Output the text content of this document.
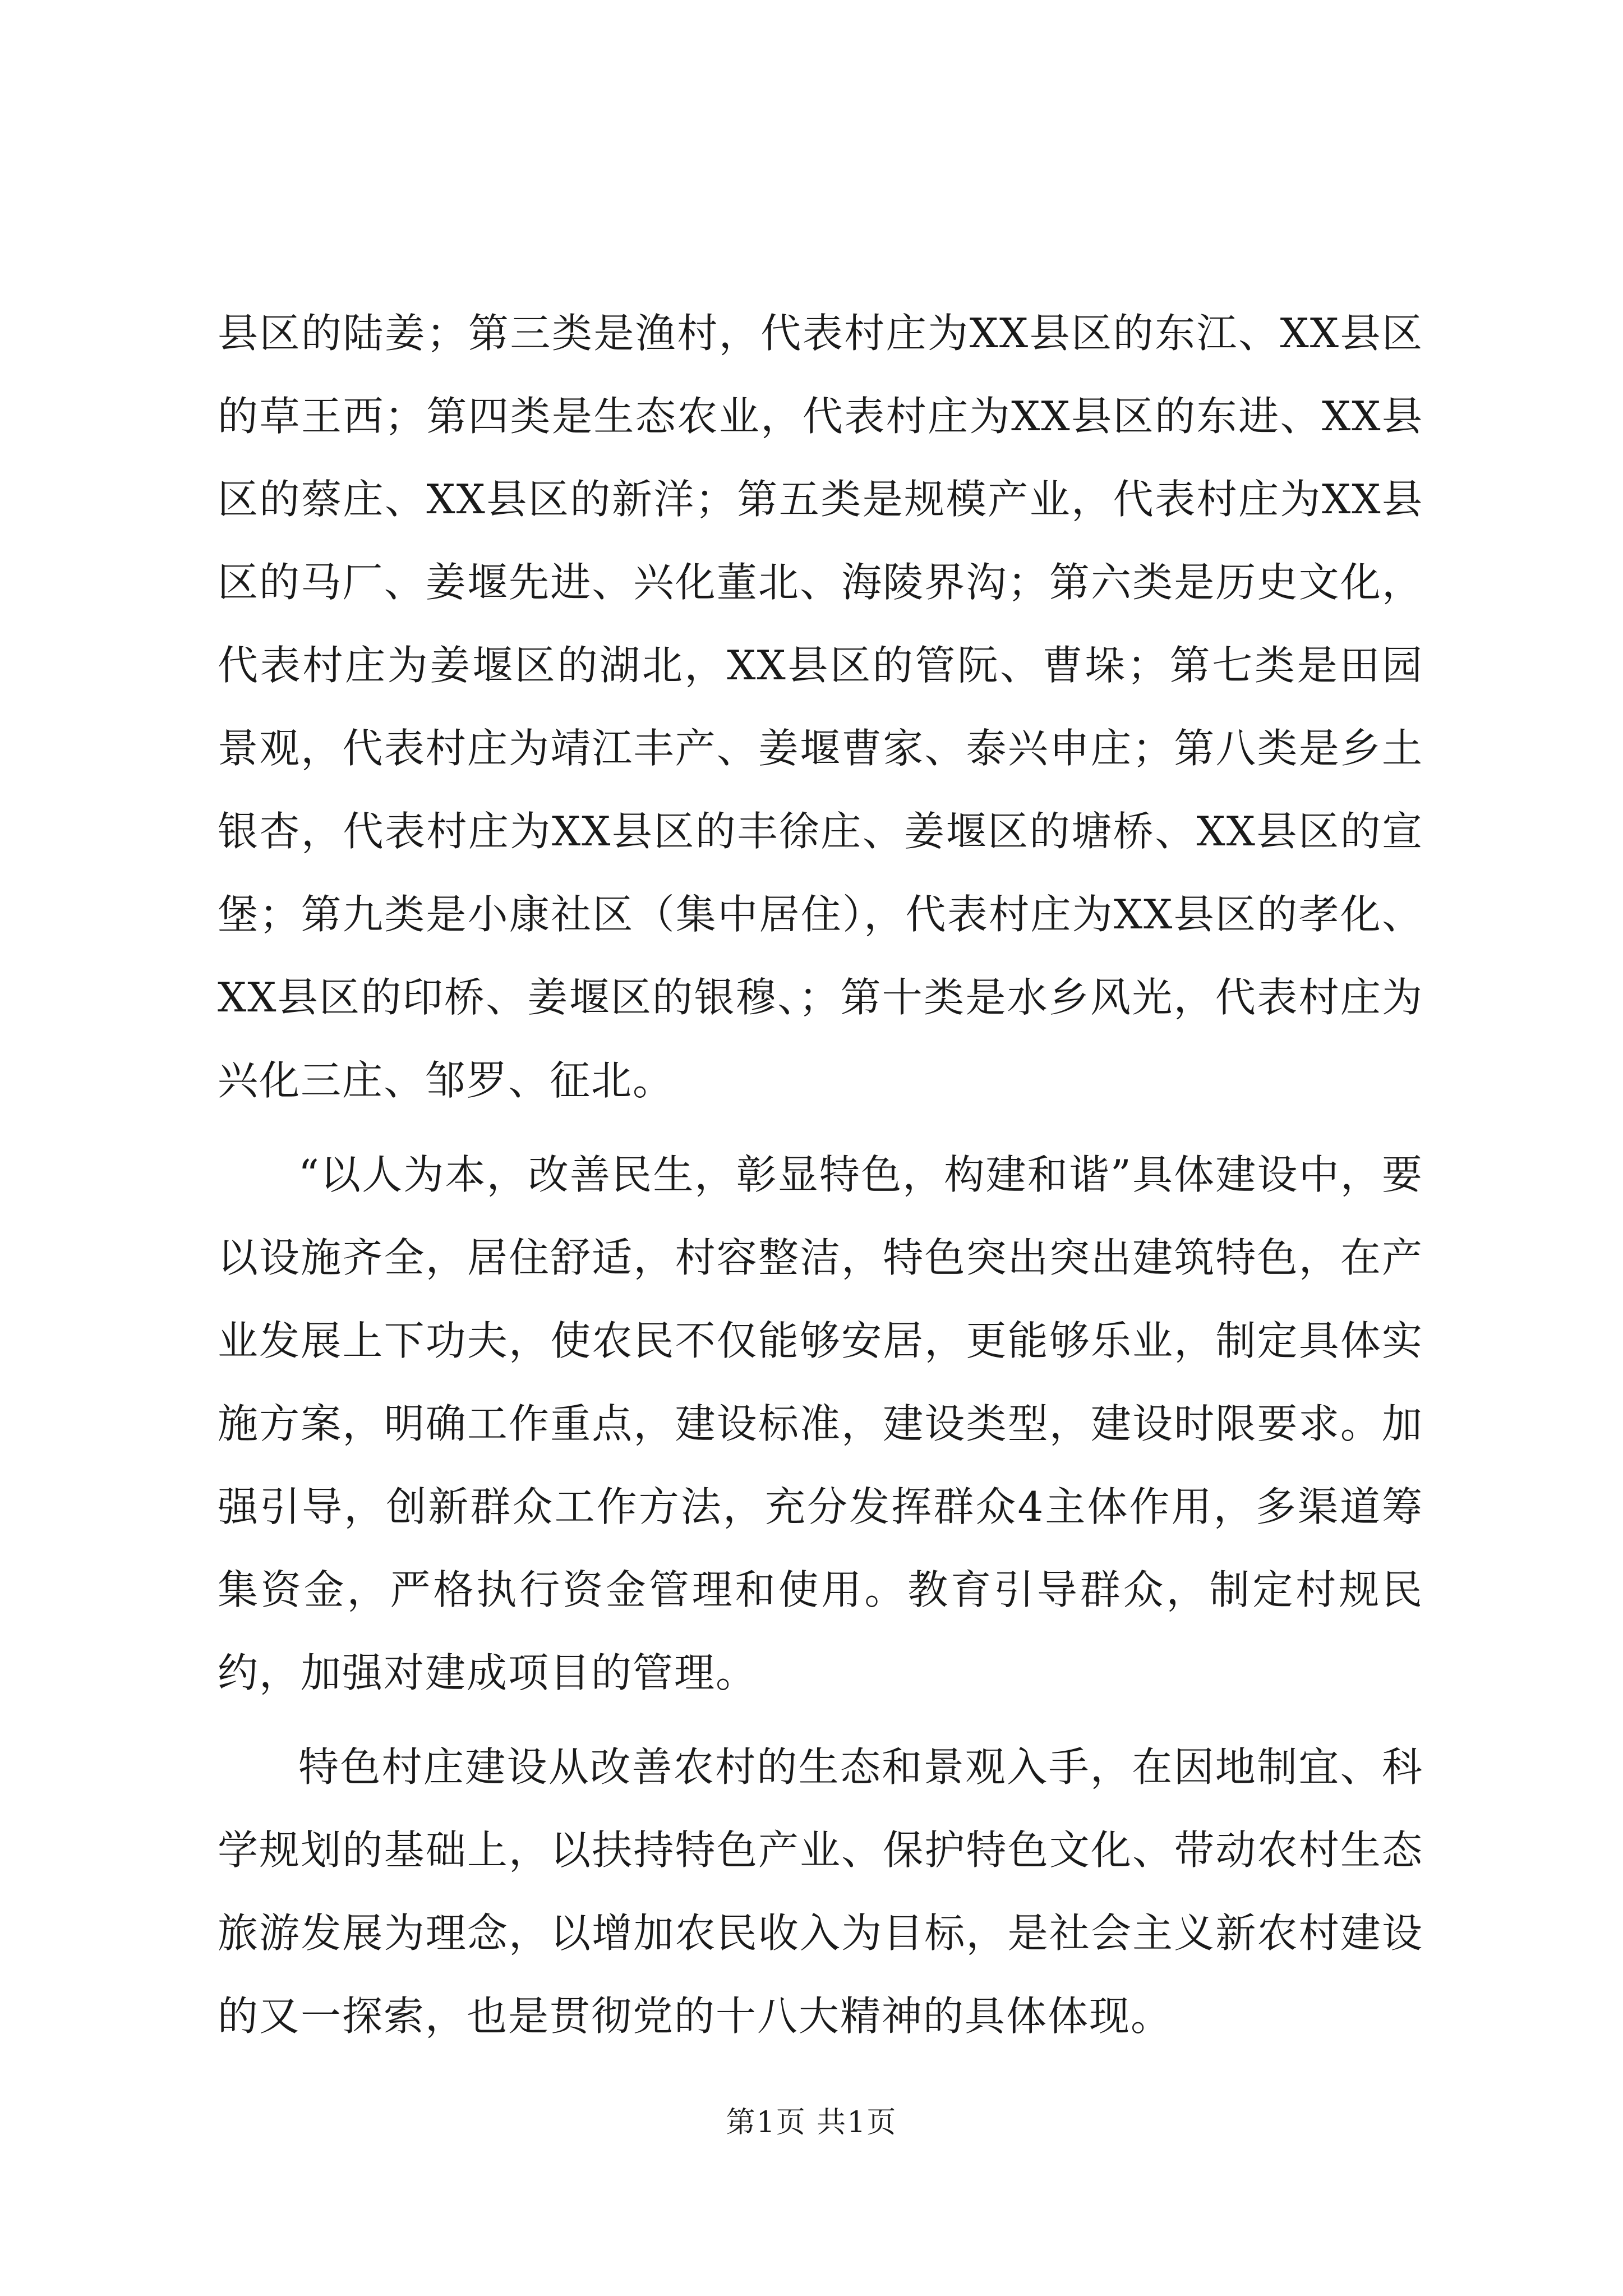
县区的陆姜；第三类是渔村，代表村庄为XX县区的东江、XX县区的草王西；第四类是生态农业，代表村庄为XX县区的东进、XX县区的蔡庄、XX县区的新洋；第五类是规模产业，代表村庄为XX县区的马厂、姜堰先进、兴化董北、海陵界沟；第六类是历史文化，代表村庄为姜堰区的湖北，XX县区的管阮、曹垛；第七类是田园景观，代表村庄为靖江丰产、姜堰曹家、泰兴申庄；第八类是乡土银杏，代表村庄为XX县区的丰徐庄、姜堰区的塘桥、XX县区的宣堡；第九类是小康社区（集中居住），代表村庄为XX县区的孝化、XX县区的印桥、姜堰区的银穆、；第十类是水乡风光，代表村庄为兴化三庄、邹罗、征北。

“以人为本，改善民生，彰显特色，构建和谐”具体建设中，要以设施齐全，居住舒适，村容整洁，特色突出突出建筑特色，在产业发展上下功夫，使农民不仅能够安居，更能够乐业，制定具体实施方案，明确工作重点，建设标准，建设类型，建设时限要求。加强引导，创新群众工作方法，充分发挥群众4主体作用，多渠道筹集资金，严格执行资金管理和使用。教育引导群众，制定村规民约，加强对建成项目的管理。

特色村庄建设从改善农村的生态和景观入手，在因地制宜、科学规划的基础上，以扶持特色产业、保护特色文化、带动农村生态旅游发展为理念，以增加农民收入为目标，是社会主义新农村建设的又一探索，也是贯彻党的十八大精神的具体体现。

第1页 共1页
